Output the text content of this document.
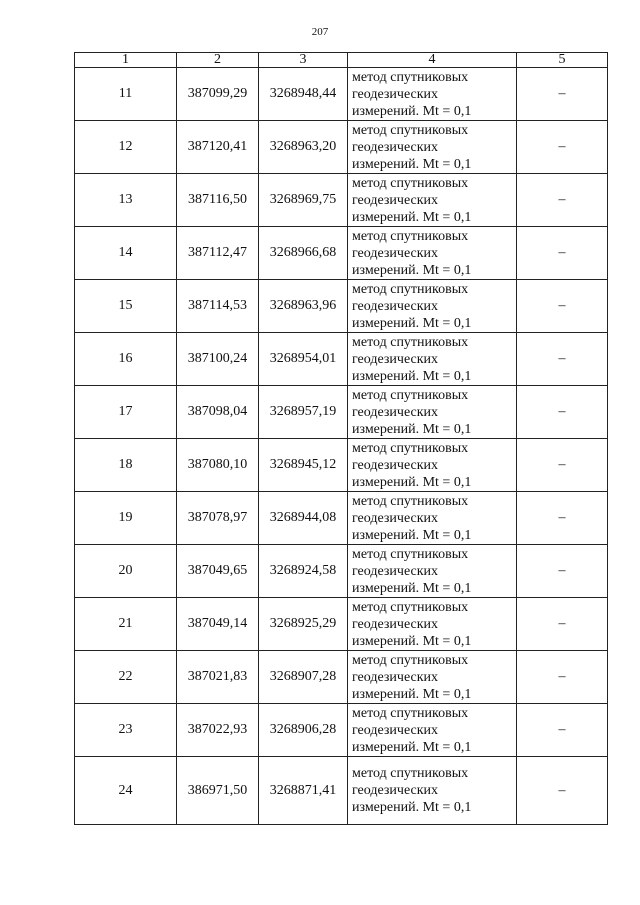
207
1	2	3	4	5
11	387099,29	3268948,44	метод спутниковых
геодезических
измерений. Mt = 0,1	–
12	387120,41	3268963,20	метод спутниковых
геодезических
измерений. Mt = 0,1	–
13	387116,50	3268969,75	метод спутниковых
геодезических
измерений. Mt = 0,1	–
14	387112,47	3268966,68	метод спутниковых
геодезических
измерений. Mt = 0,1	–
15	387114,53	3268963,96	метод спутниковых
геодезических
измерений. Mt = 0,1	–
16	387100,24	3268954,01	метод спутниковых
геодезических
измерений. Mt = 0,1	–
17	387098,04	3268957,19	метод спутниковых
геодезических
измерений. Mt = 0,1	–
18	387080,10	3268945,12	метод спутниковых
геодезических
измерений. Mt = 0,1	–
19	387078,97	3268944,08	метод спутниковых
геодезических
измерений. Mt = 0,1	–
20	387049,65	3268924,58	метод спутниковых
геодезических
измерений. Mt = 0,1	–
21	387049,14	3268925,29	метод спутниковых
геодезических
измерений. Mt = 0,1	–
22	387021,83	3268907,28	метод спутниковых
геодезических
измерений. Mt = 0,1	–
23	387022,93	3268906,28	метод спутниковых
геодезических
измерений. Mt = 0,1	–
24	386971,50	3268871,41	метод спутниковых
геодезических
измерений. Mt = 0,1	–
